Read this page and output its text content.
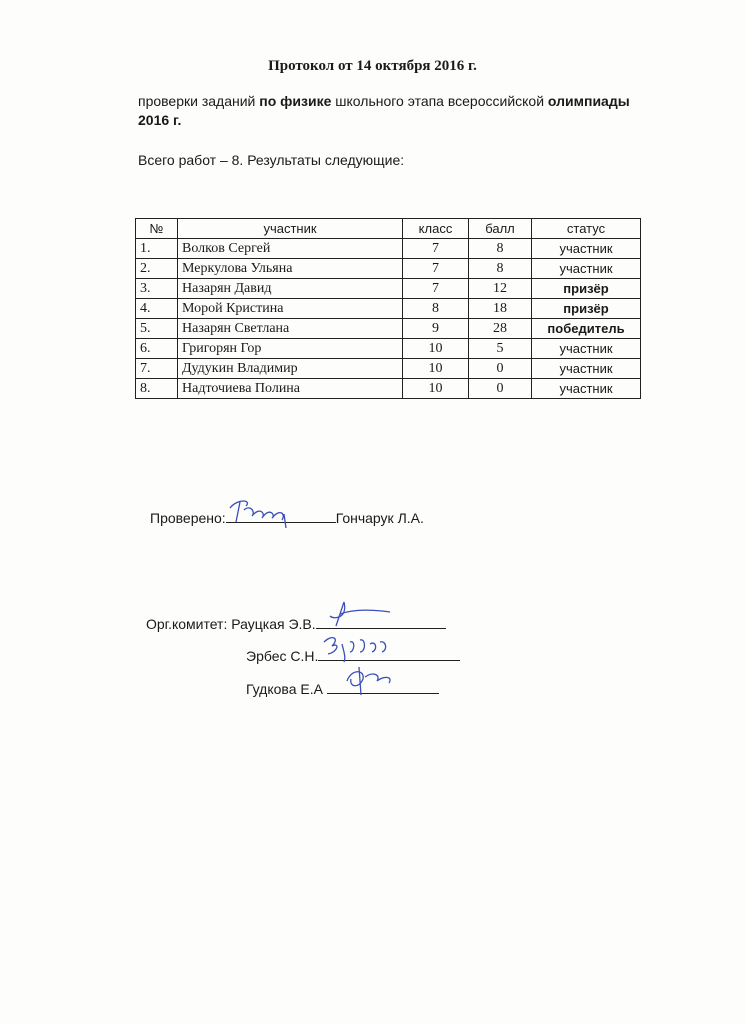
Протокол от 14 октября 2016 г.
проверки заданий по физике школьного этапа всероссийской олимпиады
2016 г.
Всего работ – 8. Результаты следующие:
№	участник	класс	балл	статус
1.	Волков Сергей	7	8	участник
2.	Меркулова Ульяна	7	8	участник
3.	Назарян Давид	7	12	призёр
4.	Морой Кристина	8	18	призёр
5.	Назарян Светлана	9	28	победитель
6.	Григорян Гор	10	5	участник
7.	Дудукин Владимир	10	0	участник
8.	Надточиева Полина	10	0	участник
Проверено:	Гончарук Л.А.
Орг.комитет: Рауцкая Э.В.
Эрбес С.Н.
Гудкова Е.А
